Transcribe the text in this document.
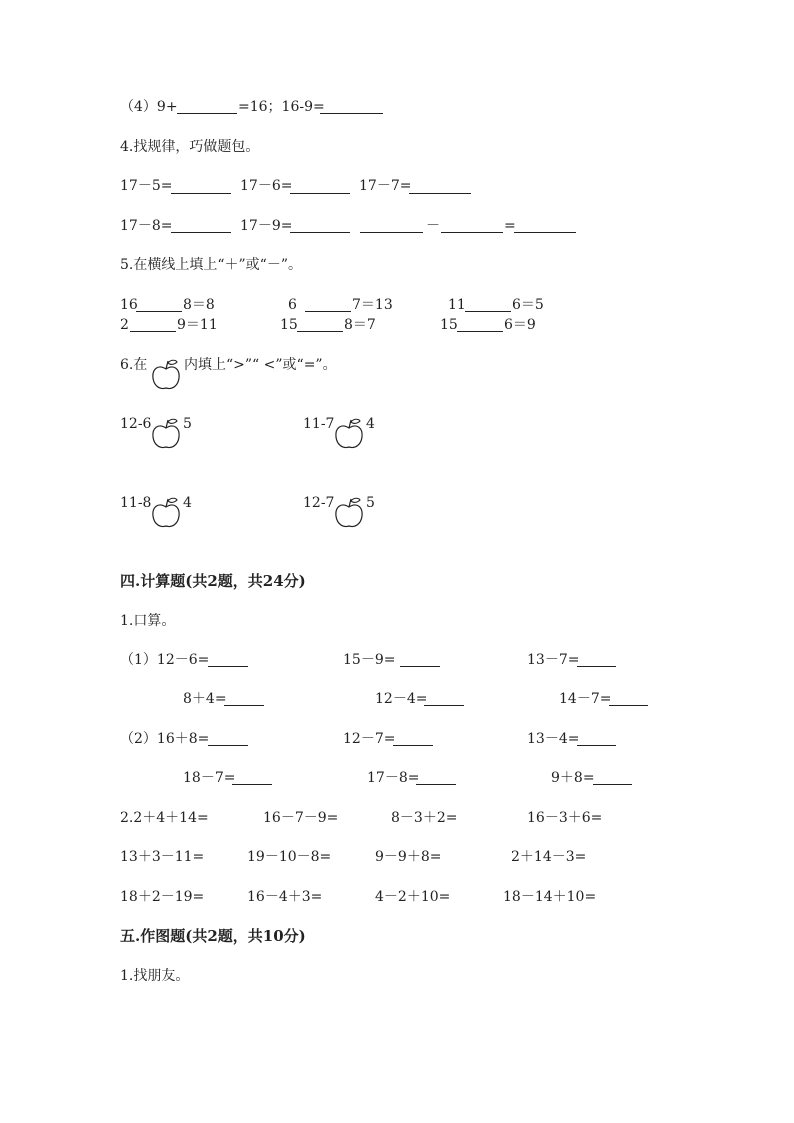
（4）9+	=16；16-9=
4.找规律，巧做题包。
17－5=	17－6=	17－7=
17－8=	17－9=	－	=
5.在横线上填上“＋”或“－”。
16	8＝8	6	7＝13	11	6＝5
2	9＝11	15	8＝7	15	6＝9
6.在	内填上“>”“ <”或“=”。
12-6 5	11-7 4
11-8 4	12-7 5
四.计算题(共2题，共24分)
1.口算。
（1）12－6=	15－9=	13－7=
8＋4=	12－4=	14－7=
（2）16＋8=	12－7=	13－4=
18－7=	17－8=	9＋8=
2.2＋4＋14=	16－7－9=	8－3＋2=	16－3＋6=
13＋3－11=	19－10－8=	9－9＋8=	2＋14－3=
18＋2－19=	16－4＋3=	4－2＋10=	18－14＋10=
五.作图题(共2题，共10分)
1.找朋友。
